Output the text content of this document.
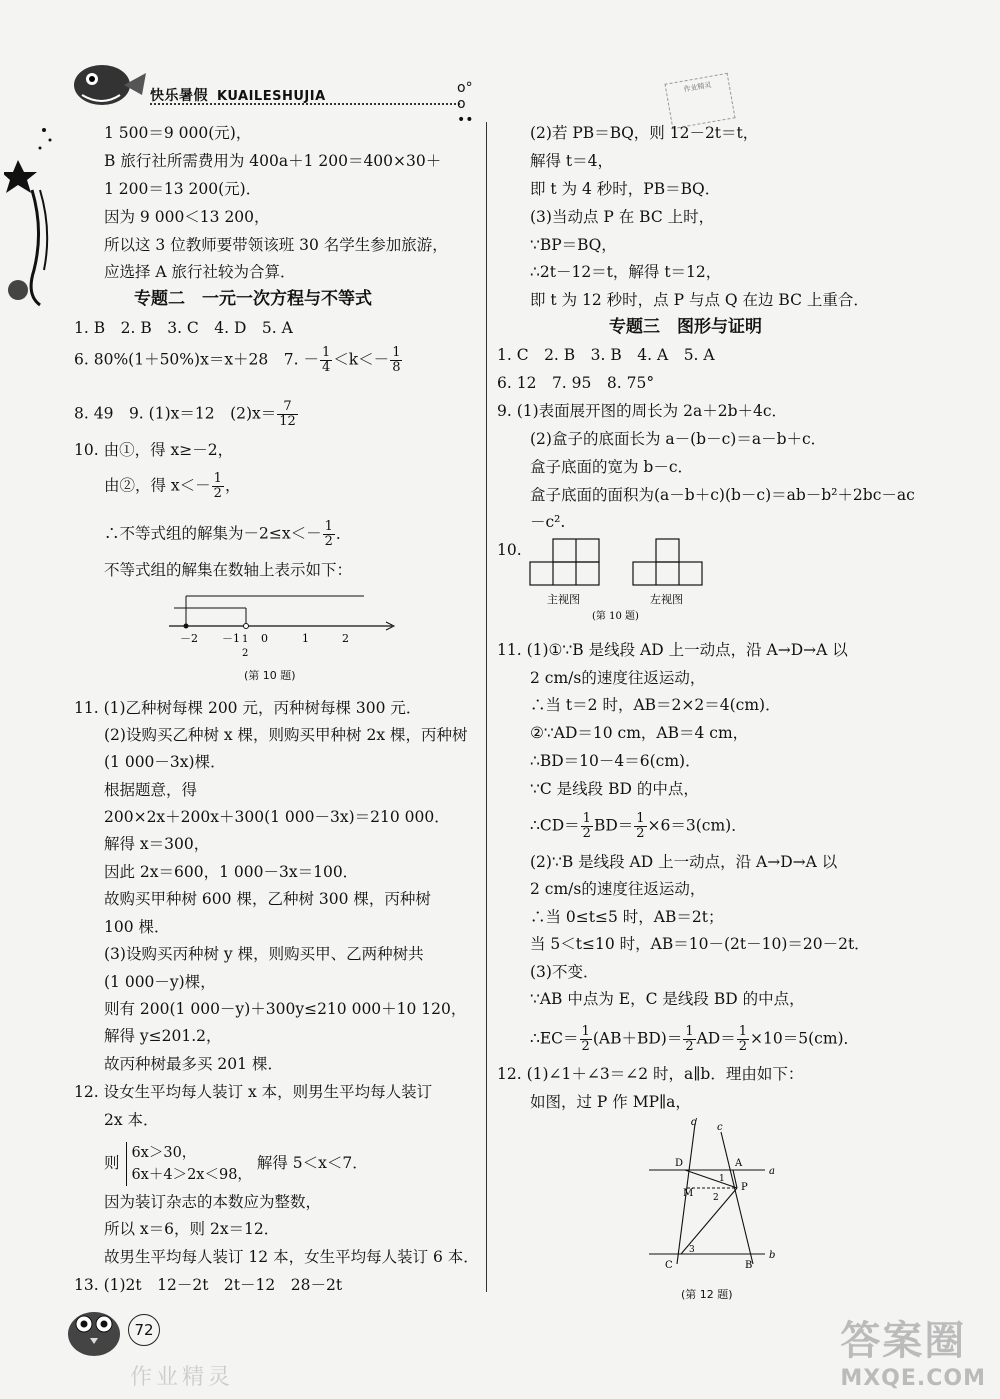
快乐暑假 KUAILESHUJIA
o° o ••
作业精灵
1 500＝9 000(元)，
B 旅行社所需费用为 400a＋1 200＝400×30＋
1 200＝13 200(元)．
因为 9 000＜13 200，
所以这 3 位教师要带领该班 30 名学生参加旅游，
应选择 A 旅行社较为合算．
专题二　一元一次方程与不等式
1. B　2. B　3. C　4. D　5. A
6. 80%(1＋50%)x＝x＋28　7. － $\frac{1}{4} <k<- \frac{1}{8}$
8. 49　9. (1)x＝12　$(2)x= \frac{7}{12}$
10. 由①，得 x≥－2，
由②，得 $x<- \frac{1}{2}$ ，
∴不等式组的解集为$-2\le x<- \frac{1}{2}$ ．
不等式组的解集在数轴上表示如下：
－2 －1 0	1	2
1
2
(第 10 题)
11. (1)乙种树每棵 200 元，丙种树每棵 300 元．
(2)设购买乙种树 x 棵，则购买甲种树 2x 棵，丙种树
(1 000－3x)棵．
根据题意，得
200×2x＋200x＋300(1 000－3x)＝210 000．
解得 x＝300，
因此 2x＝600，1 000－3x＝100．
故购买甲种树 600 棵，乙种树 300 棵，丙种树
100 棵．
(3)设购买丙种树 y 棵，则购买甲、乙两种树共
(1 000－y)棵，
则有 200(1 000－y)＋300y≤210 000＋10 120，
解得 y≤201.2，
故丙种树最多买 201 棵．
12. 设女生平均每人装订 x 本，则男生平均每人装订
2x 本．
则
6x＞30，
6x＋4＞2x＜98，
解得 5＜x＜7．
因为装订杂志的本数应为整数，
所以 x＝6，则 2x＝12．
故男生平均每人装订 12 本，女生平均每人装订 6 本．
13. (1)2t　12－2t　2t－12　28－2t
(2)若 PB＝BQ，则 12－2t＝t，
解得 t＝4，
即 t 为 4 秒时，PB＝BQ．
(3)当动点 P 在 BC 上时，
∵BP＝BQ，
∴2t－12＝t，解得 t＝12，
即 t 为 12 秒时，点 P 与点 Q 在边 BC 上重合．
专题三　图形与证明
1. C　2. B　3. B　4. A　5. A
6. 12　7. 95　8. 75°
9. (1)表面展开图的周长为 2a＋2b＋4c．
(2)盒子的底面长为 a－(b－c)＝a－b＋c．
盒子底面的宽为 b－c．
盒子底面的面积为(a－b＋c)(b－c)＝ab－b²＋2bc－ac
－c².
10.
主视图	左视图
(第 10 题)
11. (1)①∵B 是线段 AD 上一动点，沿 A→D→A 以
2 cm/s的速度往返运动，
∴当 t＝2 时，AB＝2×2＝4(cm)．
②∵AD＝10 cm，AB＝4 cm，
∴BD＝10－4＝6(cm)．
∵C 是线段 BD 的中点，
∴CD＝ $\frac{1}{2} BD= \frac{1}{2} \times 6=3(cm)$．
(2)∵B 是线段 AD 上一动点，沿 A→D→A 以
2 cm/s的速度往返运动，
∴当 0≤t≤5 时，AB＝2t；
当 5＜t≤10 时，AB＝10－(2t－10)＝20－2t．
(3)不变．
∵AB 中点为 E，C 是线段 BD 的中点，
∴EC＝ $\frac{1}{2} (AB+BD)= \frac{1}{2} AD= \frac{1}{2} \times 10=5(cm)$．
12. (1)∠1＋∠3＝∠2 时，a∥b．理由如下：
如图，过 P 作 MP∥a，
d c
a
b
D	A
M
P
C	B
1
2
3
(第 12 题)
72
作业精灵
答案圈
MXQE.COM
